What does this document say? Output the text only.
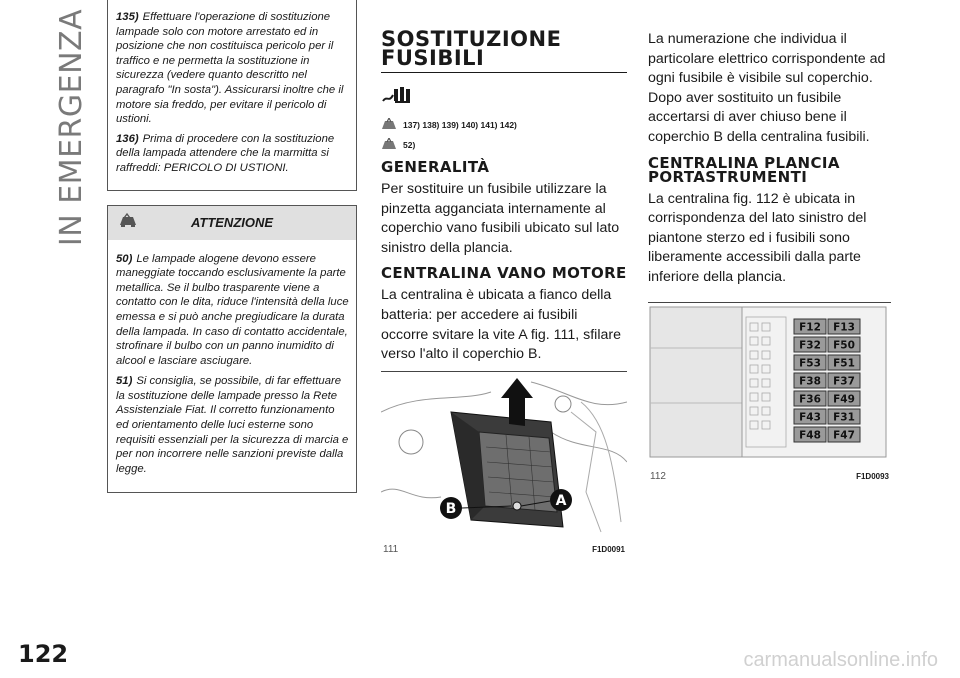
IN EMERGENZA
122	carmanualsonline.info

135) Effettuare l'operazione di sostituzione lampade solo con motore arrestato ed in posizione che non costituisca pericolo per il traffico e ne permetta la sostituzione in sicurezza (vedere quanto descritto nel paragrafo "In sosta"). Assicurarsi inoltre che il motore sia freddo, per evitare il pericolo di ustioni.

136) Prima di procedere con la sostituzione della lampada attendere che la marmitta si raffreddi: PERICOLO DI USTIONI.

ATTENZIONE

50) Le lampade alogene devono essere maneggiate toccando esclusivamente la parte metallica. Se il bulbo trasparente viene a contatto con le dita, riduce l'intensità della luce emessa e si può anche pregiudicare la durata della lampada. In caso di contatto accidentale, strofinare il bulbo con un panno inumidito di alcool e lasciare asciugare.

51) Si consiglia, se possibile, di far effettuare la sostituzione delle lampade presso la Rete Assistenziale Fiat. Il corretto funzionamento ed orientamento delle luci esterne sono requisiti essenziali per la sicurezza di marcia e per non incorrere nelle sanzioni previste dalla legge.

SOSTITUZIONE FUSIBILI
137) 138) 139) 140) 141) 142)
52)
GENERALITÀ

Per sostituire un fusibile utilizzare la pinzetta agganciata internamente al coperchio vano fusibili ubicato sul lato sinistro della plancia.

CENTRALINA VANO MOTORE

La centralina è ubicata a fianco della batteria: per accedere ai fusibili occorre svitare la vite A fig. 111, sfilare verso l'alto il coperchio B.

B	A
111	F1D0091

La numerazione che individua il particolare elettrico corrispondente ad ogni fusibile è visibile sul coperchio. Dopo aver sostituito un fusibile accertarsi di aver chiuso bene il coperchio B della centralina fusibili.

CENTRALINA PLANCIA PORTASTRUMENTI

La centralina fig. 112 è ubicata in corrispondenza del lato sinistro del piantone sterzo ed i fusibili sono liberamente accessibili dalla parte inferiore della plancia.

F12 F13
F32 F50
F53 F51
F38 F37
F36 F49
F43 F31
F48 F47
112	F1D0093
